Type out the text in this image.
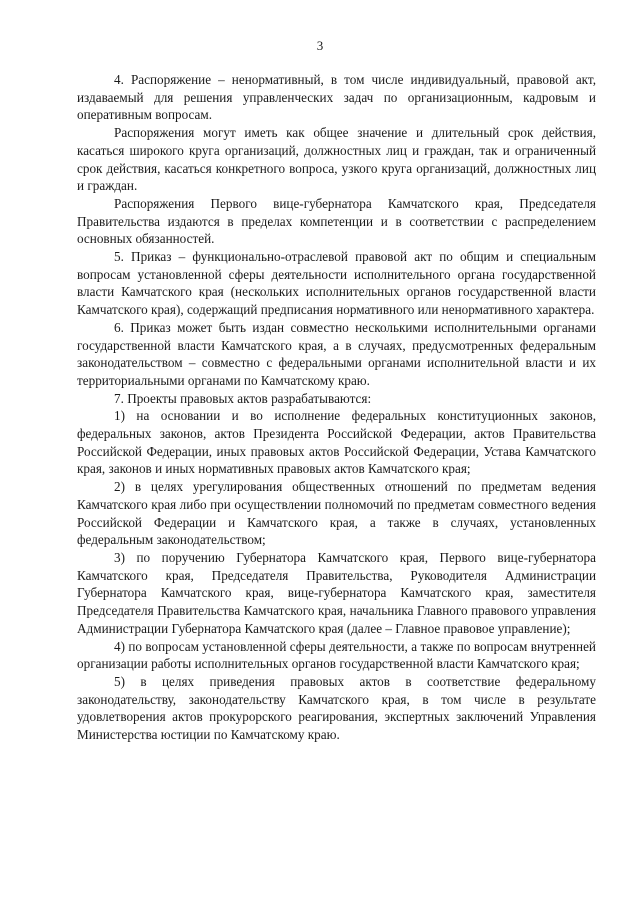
3

4. Распоряжение – ненормативный, в том числе индивидуальный, правовой акт, издаваемый для решения управленческих задач по организационным, кадровым и оперативным вопросам.

Распоряжения могут иметь как общее значение и длительный срок действия, касаться широкого круга организаций, должностных лиц и граждан, так и ограниченный срок действия, касаться конкретного вопроса, узкого круга организаций, должностных лиц и граждан.

Распоряжения Первого вице-губернатора Камчатского края, Председателя Правительства издаются в пределах компетенции и в соответствии с распределением основных обязанностей.

5. Приказ – функционально-отраслевой правовой акт по общим и специальным вопросам установленной сферы деятельности исполнительного органа государственной власти Камчатского края (нескольких исполнительных органов государственной власти Камчатского края), содержащий предписания нормативного или ненормативного характера.

6. Приказ может быть издан совместно несколькими исполнительными органами государственной власти Камчатского края, а в случаях, предусмотренных федеральным законодательством – совместно с федеральными органами исполнительной власти и их территориальными органами по Камчатскому краю.

7. Проекты правовых актов разрабатываются:

1) на основании и во исполнение федеральных конституционных законов, федеральных законов, актов Президента Российской Федерации, актов Правительства Российской Федерации, иных правовых актов Российской Федерации, Устава Камчатского края, законов и иных нормативных правовых актов Камчатского края;

2) в целях урегулирования общественных отношений по предметам ведения Камчатского края либо при осуществлении полномочий по предметам совместного ведения Российской Федерации и Камчатского края, а также в случаях, установленных федеральным законодательством;

3) по поручению Губернатора Камчатского края, Первого вице-губернатора Камчатского края, Председателя Правительства, Руководителя Администрации Губернатора Камчатского края, вице-губернатора Камчатского края, заместителя Председателя Правительства Камчатского края, начальника Главного правового управления Администрации Губернатора Камчатского края (далее – Главное правовое управление);

4) по вопросам установленной сферы деятельности, а также по вопросам внутренней организации работы исполнительных органов государственной власти Камчатского края;

5) в целях приведения правовых актов в соответствие федеральному законодательству, законодательству Камчатского края, в том числе в результате удовлетворения актов прокурорского реагирования, экспертных заключений Управления Министерства юстиции по Камчатскому краю.
